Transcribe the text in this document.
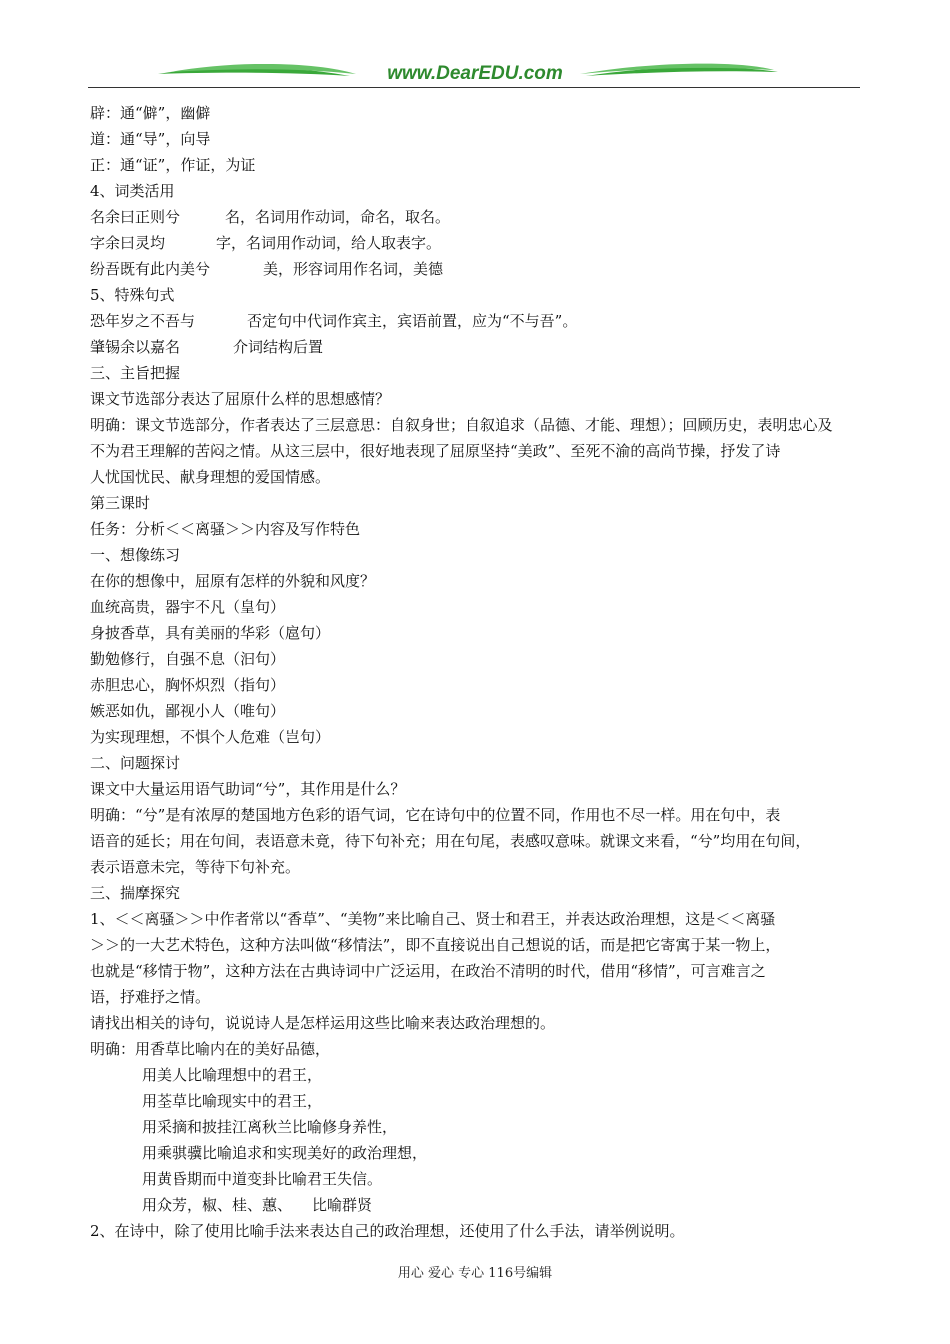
www.DearEDU.com
辟：通“僻”，幽僻
道：通“导”，向导
正：通“证”，作证，为证
4、词类活用
名余曰正则兮	名，名词用作动词，命名，取名。
字余曰灵均	字，名词用作动词，给人取表字。
纷吾既有此内美兮	美，形容词用作名词，美德
5、特殊句式
恐年岁之不吾与	否定句中代词作宾主，宾语前置，应为“不与吾”。
肇锡余以嘉名	介词结构后置
三、主旨把握
课文节选部分表达了屈原什么样的思想感情？
明确：课文节选部分，作者表达了三层意思：自叙身世；自叙追求（品德、才能、理想）；回顾历史，表明忠心及
不为君王理解的苦闷之情。从这三层中，很好地表现了屈原坚持“美政”、至死不渝的高尚节操，抒发了诗
人忧国忧民、献身理想的爱国情感。
第三课时
任务：分析＜＜离骚＞＞内容及写作特色
一、想像练习
在你的想像中，屈原有怎样的外貌和风度？
血统高贵，器宇不凡（皇句）
身披香草，具有美丽的华彩（扈句）
勤勉修行，自强不息（汩句）
赤胆忠心，胸怀炽烈（指句）
嫉恶如仇，鄙视小人（唯句）
为实现理想，不惧个人危难（岂句）
二、问题探讨
课文中大量运用语气助词“兮”，其作用是什么？
明确：“兮”是有浓厚的楚国地方色彩的语气词，它在诗句中的位置不同，作用也不尽一样。用在句中，表
语音的延长；用在句间，表语意未竟，待下句补充；用在句尾，表感叹意味。就课文来看，“兮”均用在句间，
表示语意未完，等待下句补充。
三、揣摩探究
1、＜＜离骚＞＞中作者常以“香草”、“美物”来比喻自己、贤士和君王，并表达政治理想，这是＜＜离骚
＞＞的一大艺术特色，这种方法叫做“移情法”，即不直接说出自己想说的话，而是把它寄寓于某一物上，
也就是“移情于物”，这种方法在古典诗词中广泛运用，在政治不清明的时代，借用“移情”，可言难言之
语，抒难抒之情。
请找出相关的诗句，说说诗人是怎样运用这些比喻来表达政治理想的。
明确：用香草比喻内在的美好品德，
用美人比喻理想中的君王，
用荃草比喻现实中的君王，
用采摘和披挂江离秋兰比喻修身养性，
用乘骐骥比喻追求和实现美好的政治理想，
用黄昏期而中道变卦比喻君王失信。
用众芳，椒、桂、蕙、 比喻群贤
2、在诗中，除了使用比喻手法来表达自己的政治理想，还使用了什么手法，请举例说明。
用心 爱心 专心 116号编辑
